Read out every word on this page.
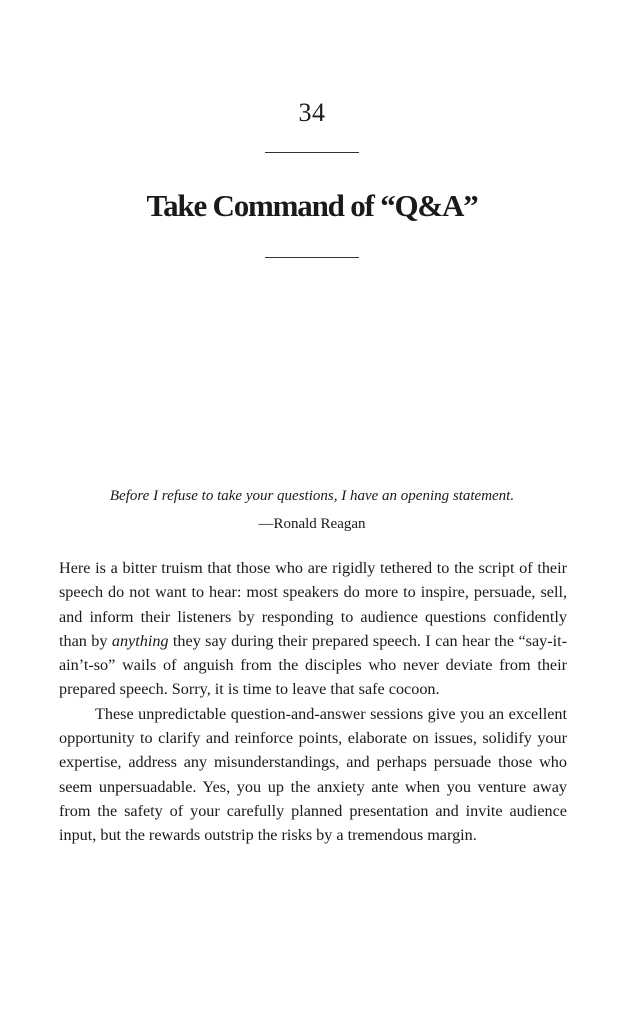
34
Take Command of “Q&A”

Before I refuse to take your questions, I have an opening statement.

—Ronald Reagan

Here is a bitter truism that those who are rigidly tethered to the script of their speech do not want to hear: most speakers do more to inspire, persuade, sell, and inform their listeners by responding to audience questions confidently than by anything they say during their prepared speech. I can hear the “say-it-ain’t-so” wails of anguish from the disciples who never deviate from their prepared speech. Sorry, it is time to leave that safe cocoon.

These unpredictable question-and-answer sessions give you an excellent opportunity to clarify and reinforce points, elaborate on issues, solidify your expertise, address any misunderstandings, and perhaps persuade those who seem unpersuadable. Yes, you up the anxiety ante when you venture away from the safety of your carefully planned presentation and invite audience input, but the rewards outstrip the risks by a tremendous margin.
